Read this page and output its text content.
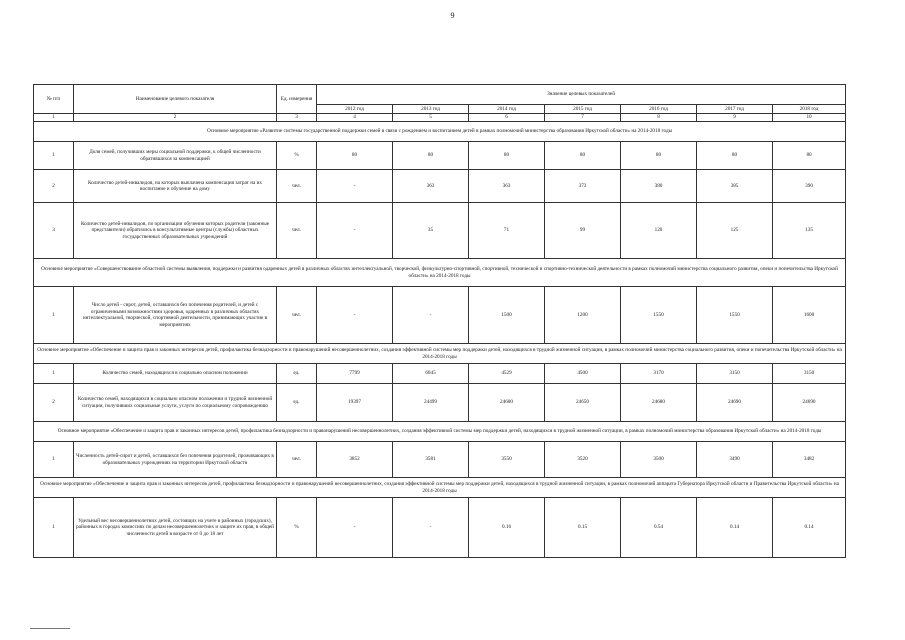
9
№ п/п	Наименование целевого показателя	Ед. измерения	Значение целевых показателей						
			2012 год	2013 год	2014 год	2015 год	2016 год	2017 год	2018 год
1	2	3	4	5	6	7	8	9	10
Основное мероприятие «Развитие системы государственной поддержки семей в связи с рождением и воспитанием детей в рамках полномочий министерства образования Иркутской области» на 2014-2018 годы									
1	Доля семей, получивших меры социальной поддержки, к общей численности обратившихся за компенсацией	%	80	80	80	80	80	80	80
2	Количество детей-инвалидов, на которых выплачена компенсация затрат на их воспитание и обучение на дому	чел.	-	363	363	373	380	385	390
3	Количество детей-инвалидов, по организации обучения которых родители (законные представители) обратились в консультативные центры (службы) областных государственных образовательных учреждений	чел.	-	35	71	99	120	125	135
Основное мероприятие «Совершенствование областной системы выявления, поддержки и развития одаренных детей в различных областях интеллектуальной, творческой, физкультурно-спортивной, спортивной, технической и спортивно-технической деятельности в рамках полномочий министерства социального развития, опеки и попечительства Иркутской области» на 2014-2018 годы									
1	Число детей - сирот, детей, оставшихся без попечения родителей, и детей с ограниченными возможностями здоровья, одаренных в различных областях интеллектуальной, творческой, спортивной деятельности, принимающих участие в мероприятиях	чел.	-	-	1500	1200	1550	1550	1600
Основное мероприятие «Обеспечение и защита прав и законных интересов детей, профилактика безнадзорности и правонарушений несовершеннолетних, создания эффективной системы мер поддержки детей, находящихся в трудной жизненной ситуации, в рамках полномочий министерства социального развития, опеки и попечительства Иркутской области» на 2014-2018 годы									
1	Количество семей, находящихся в социально опасном положении	ед.	7799	6045	4529	4500	3170	3150	3150
2	Количество семей, находящихся в социально опасном положении и трудной жизненной ситуации, получивших социальные услуги, услуги по социальному сопровождению	ед.	19397	24499	24600	24650	24680	24690	24690
Основное мероприятие «Обеспечение и защита прав и законных интересов детей, профилактика безнадзорности и правонарушений несовершеннолетних, создания эффективной системы мер поддержки детей, находящихся в трудной жизненной ситуации, в рамках полномочий министерства образования Иркутской области» на 2014-2018 годы									
1	Численность детей-сирот и детей, оставшихся без попечения родителей, проживающих в образовательных учреждениях на территории Иркутской области	чел.	3852	3581	3550	3520	3500	3490	3482
Основное мероприятие «Обеспечение и защита прав и законных интересов детей, профилактика безнадзорности и правонарушений несовершеннолетних, создания эффективной системы мер поддержки детей, находящихся в трудной жизненной ситуации, в рамках полномочий аппарата Губернатора Иркутской области и Правительства Иркутской области» на 2014-2018 годы									
1	Удельный вес несовершеннолетних детей, состоящих на учете в районных (городских), районных в городах комиссиях по делам несовершеннолетних и защите их прав, в общей численности детей в возрасте от 0 до 18 лет	%	-	-	0.16	0.15	0.54	0.14	0.14
